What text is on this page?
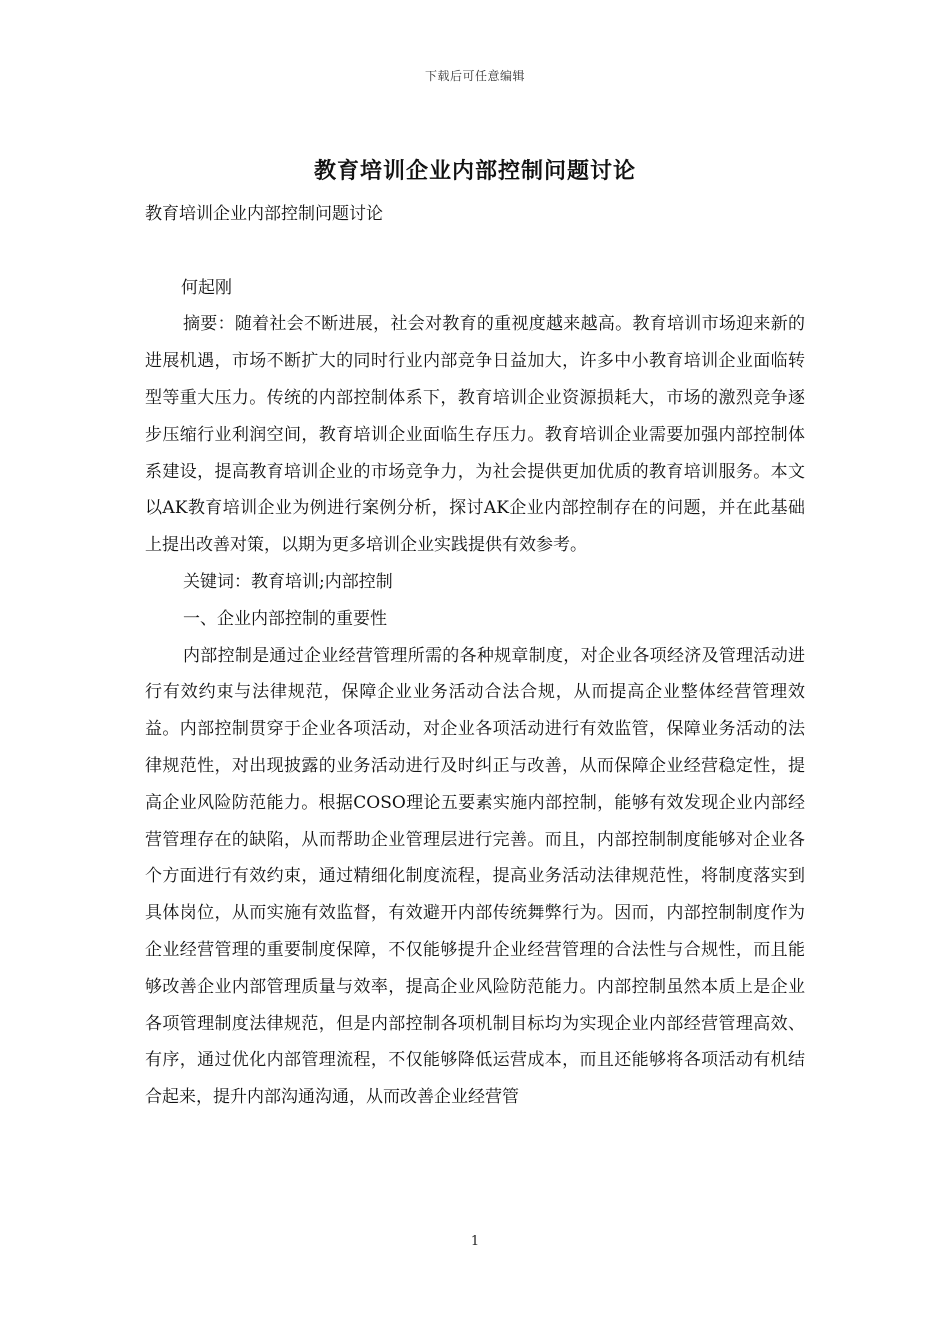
下载后可任意编辑
教育培训企业内部控制问题讨论

教育培训企业内部控制问题讨论

何起刚

摘要：随着社会不断进展，社会对教育的重视度越来越高。教育培训市场迎来新的进展机遇，市场不断扩大的同时行业内部竞争日益加大，许多中小教育培训企业面临转型等重大压力。传统的内部控制体系下，教育培训企业资源损耗大，市场的激烈竞争逐步压缩行业利润空间，教育培训企业面临生存压力。教育培训企业需要加强内部控制体系建设，提高教育培训企业的市场竞争力，为社会提供更加优质的教育培训服务。本文以AK教育培训企业为例进行案例分析，探讨AK企业内部控制存在的问题，并在此基础上提出改善对策，以期为更多培训企业实践提供有效参考。

关键词：教育培训;内部控制

一、企业内部控制的重要性

内部控制是通过企业经营管理所需的各种规章制度，对企业各项经济及管理活动进行有效约束与法律规范，保障企业业务活动合法合规，从而提高企业整体经营管理效益。内部控制贯穿于企业各项活动，对企业各项活动进行有效监管，保障业务活动的法律规范性，对出现披露的业务活动进行及时纠正与改善，从而保障企业经营稳定性，提高企业风险防范能力。根据COSO理论五要素实施内部控制，能够有效发现企业内部经营管理存在的缺陷，从而帮助企业管理层进行完善。而且，内部控制制度能够对企业各个方面进行有效约束，通过精细化制度流程，提高业务活动法律规范性，将制度落实到具体岗位，从而实施有效监督，有效避开内部传统舞弊行为。因而，内部控制制度作为企业经营管理的重要制度保障，不仅能够提升企业经营管理的合法性与合规性，而且能够改善企业内部管理质量与效率，提高企业风险防范能力。内部控制虽然本质上是企业各项管理制度法律规范，但是内部控制各项机制目标均为实现企业内部经营管理高效、有序，通过优化内部管理流程，不仅能够降低运营成本，而且还能够将各项活动有机结合起来，提升内部沟通沟通，从而改善企业经营管

1
